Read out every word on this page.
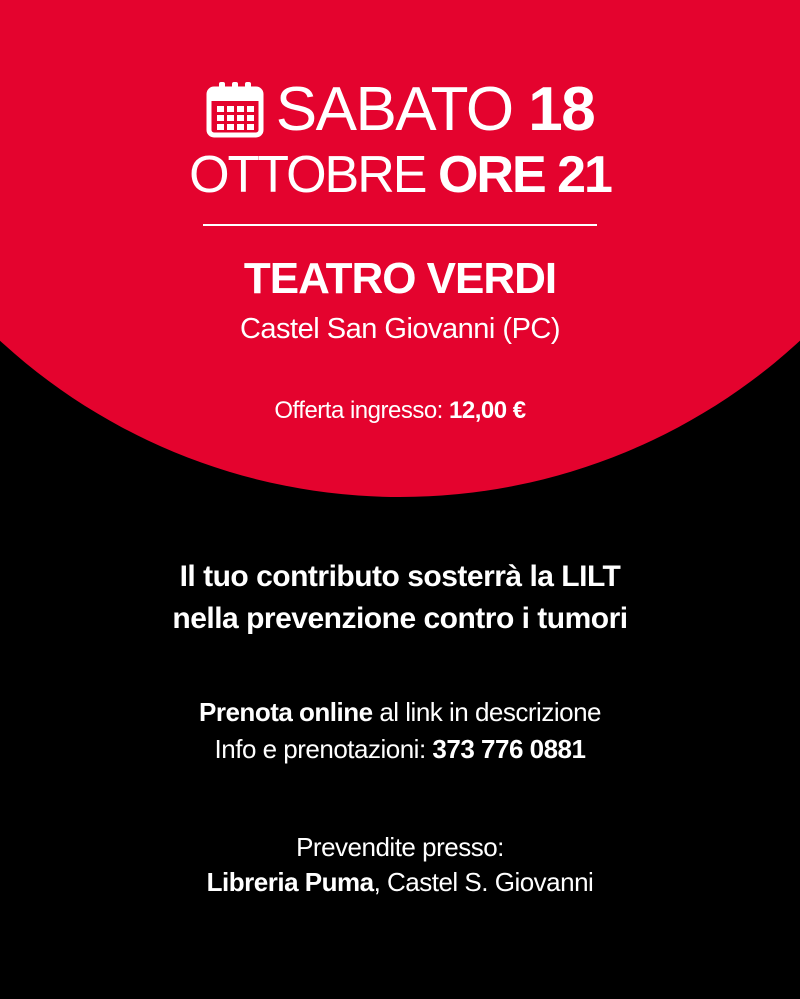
SABATO 18
OTTOBRE ORE 21
TEATRO VERDI
Castel San Giovanni (PC)
Offerta ingresso: 12,00 €
Il tuo contributo sosterrà la LILT
nella prevenzione contro i tumori
Prenota online al link in descrizione
Info e prenotazioni: 373 776 0881
Prevendite presso:
Libreria Puma, Castel S. Giovanni
